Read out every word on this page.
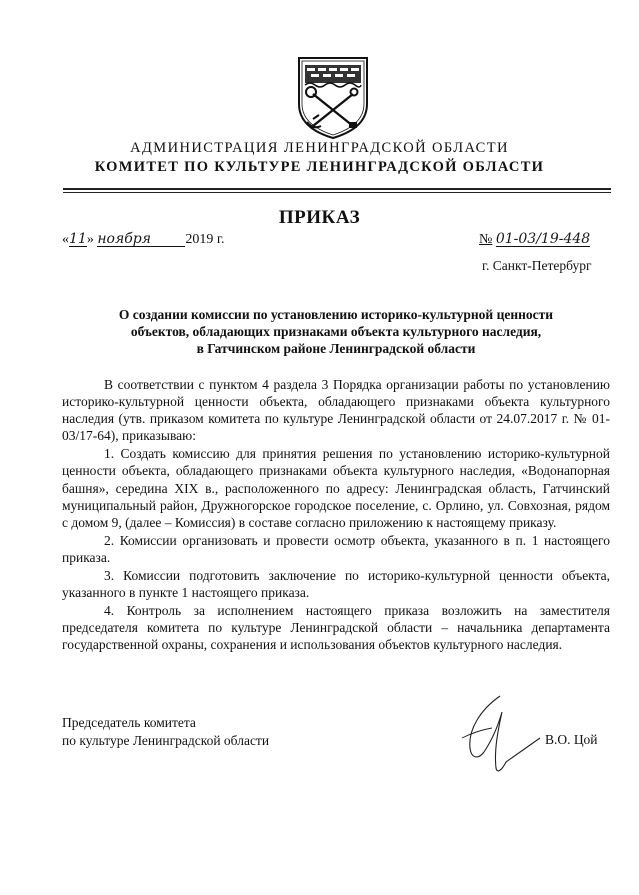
АДМИНИСТРАЦИЯ ЛЕНИНГРАДСКОЙ ОБЛАСТИ
КОМИТЕТ ПО КУЛЬТУРЕ ЛЕНИНГРАДСКОЙ ОБЛАСТИ
ПРИКАЗ
«11» ноября 2019 г.	№ 01-03/19-448
г. Санкт-Петербург
О создании комиссии по установлению историко-культурной ценности
объектов, обладающих признаками объекта культурного наследия,
в Гатчинском районе Ленинградской области

В соответствии с пунктом 4 раздела 3 Порядка организации работы по установлению историко-культурной ценности объекта, обладающего признаками объекта культурного наследия (утв. приказом комитета по культуре Ленинградской области от 24.07.2017 г. № 01-03/17-64), приказываю:

1. Создать комиссию для принятия решения по установлению историко-культурной ценности объекта, обладающего признаками объекта культурного наследия, «Водонапорная башня», середина XIX в., расположенного по адресу: Ленинградская область, Гатчинский муниципальный район, Дружногорское городское поселение, с. Орлино, ул. Совхозная, рядом с домом 9, (далее – Комиссия) в составе согласно приложению к настоящему приказу.

2. Комиссии организовать и провести осмотр объекта, указанного в п. 1 настоящего приказа.

3. Комиссии подготовить заключение по историко-культурной ценности объекта, указанного в пункте 1 настоящего приказа.

4. Контроль за исполнением настоящего приказа возложить на заместителя председателя комитета по культуре Ленинградской области – начальника департамента государственной охраны, сохранения и использования объектов культурного наследия.

Председатель комитета
по культуре Ленинградской области	В.О. Цой
